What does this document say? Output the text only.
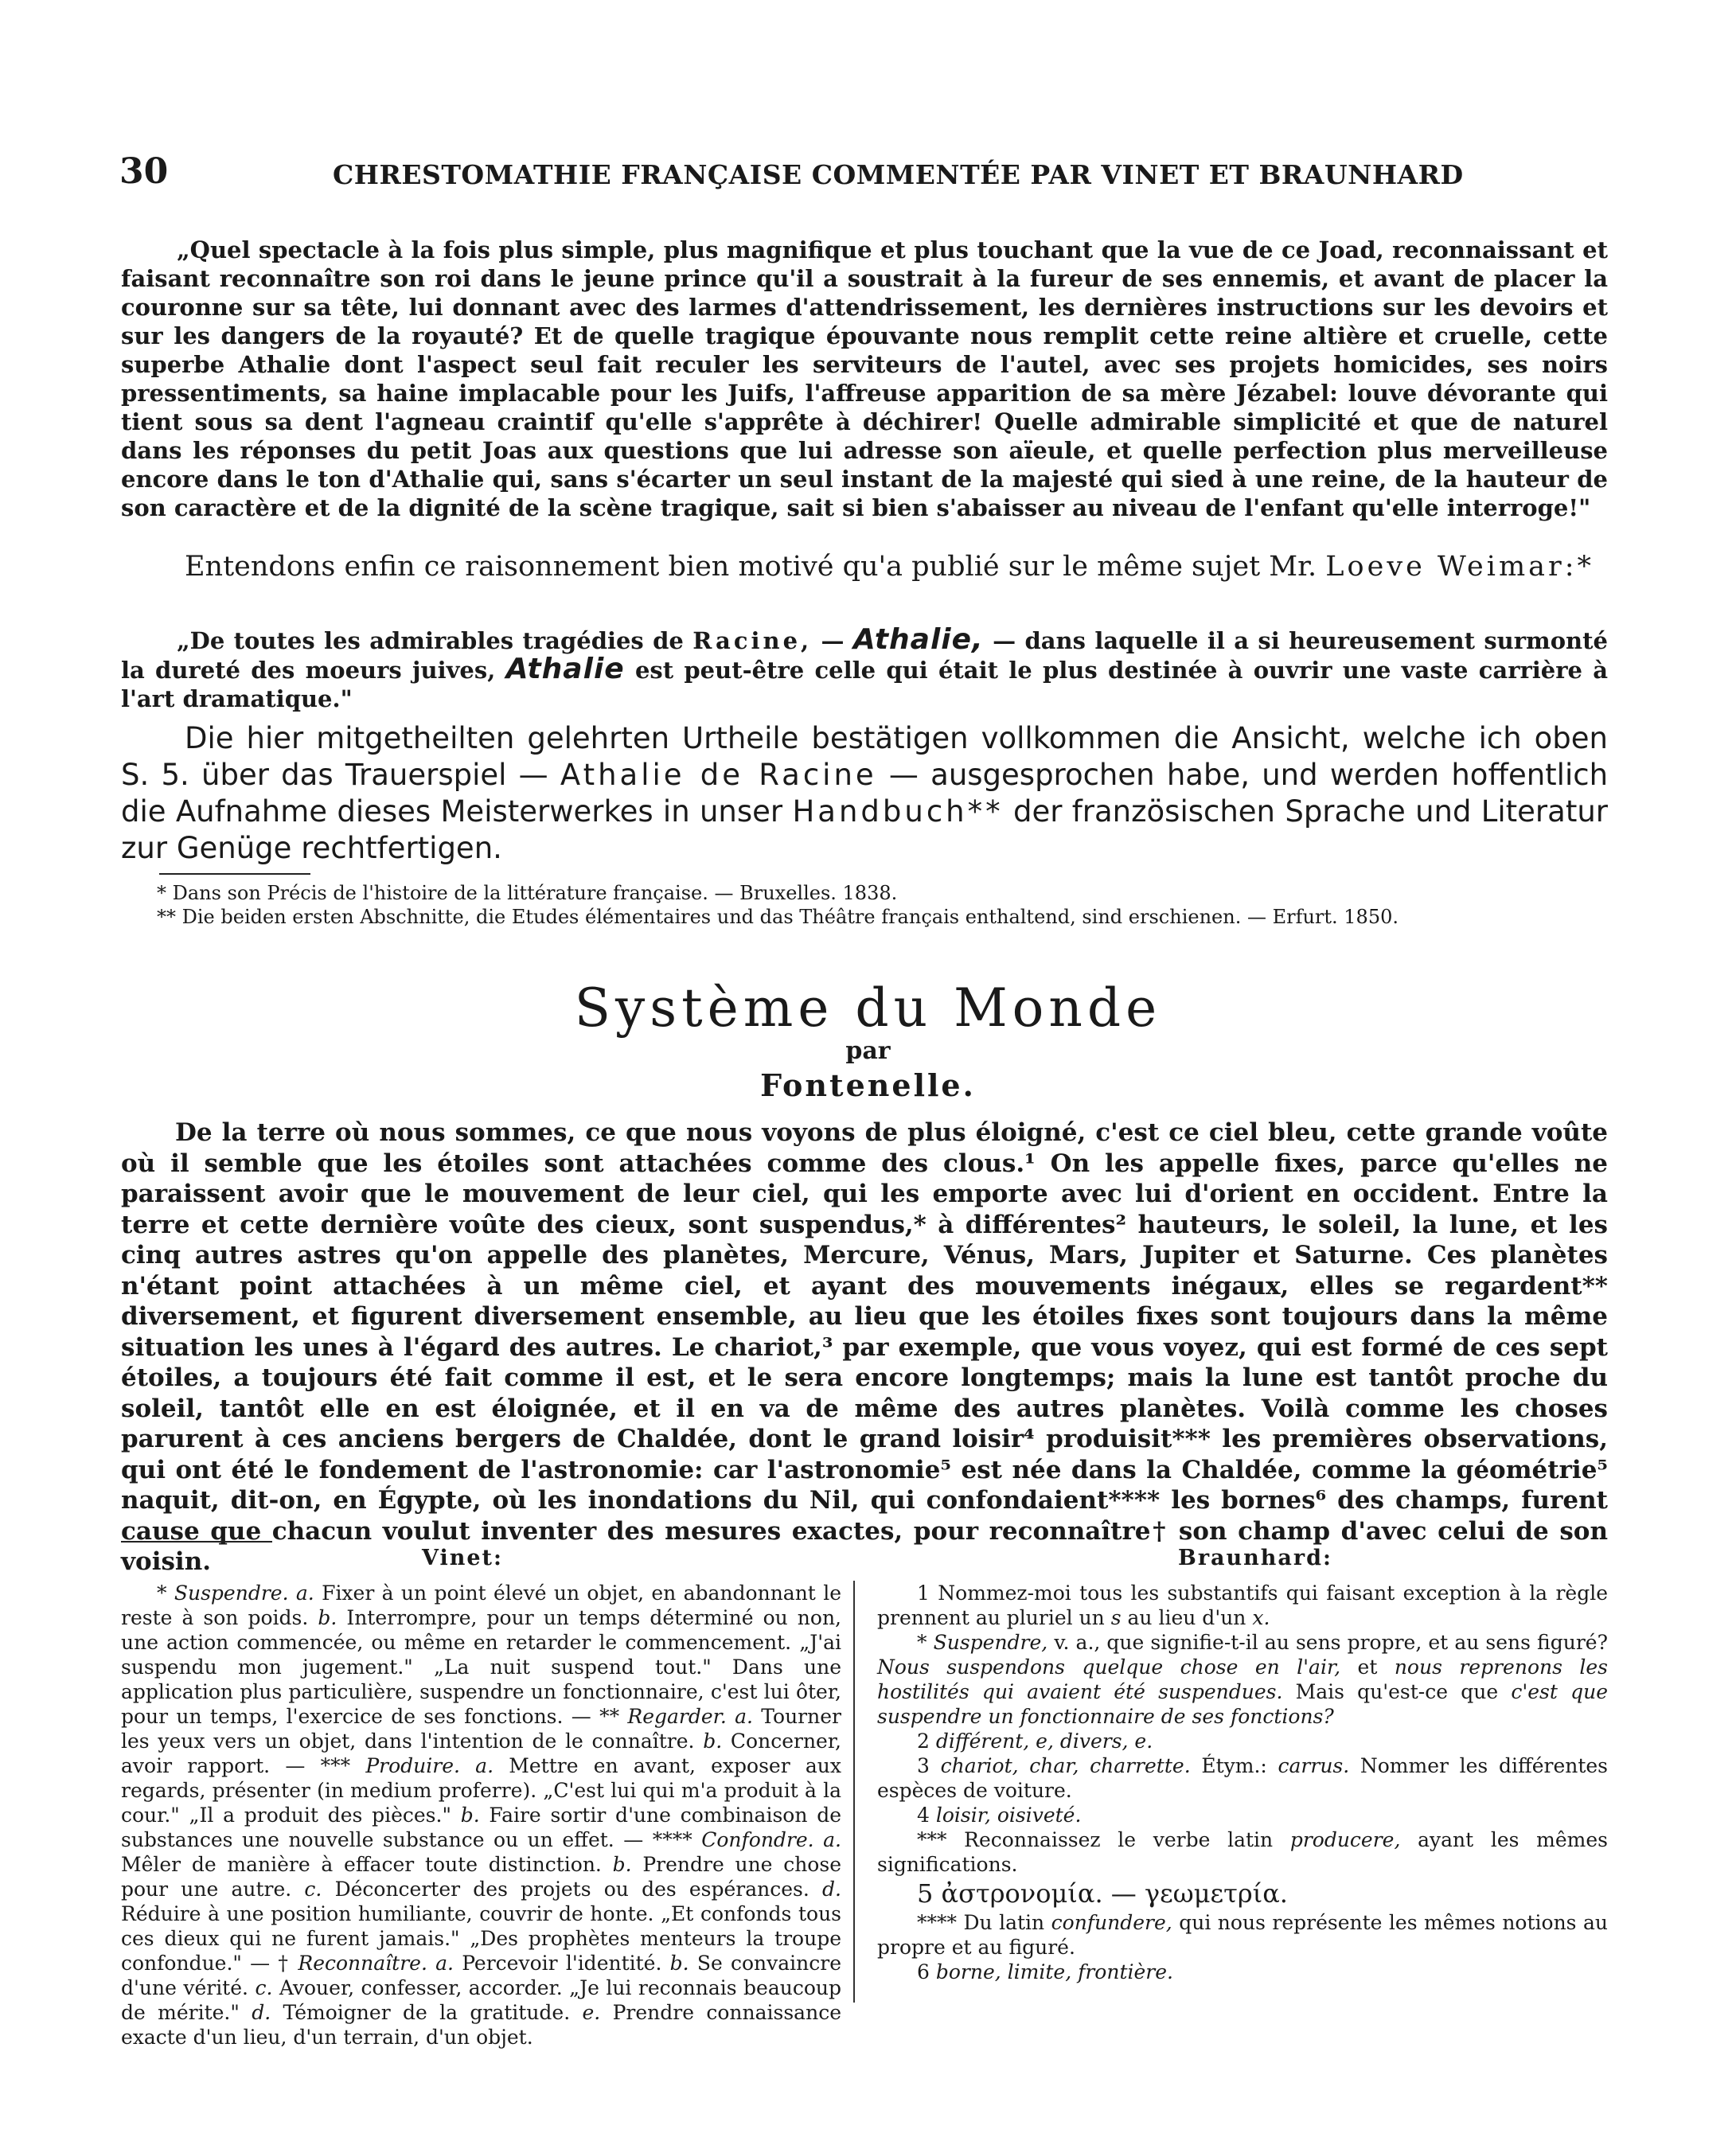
30	CHRESTOMATHIE FRANÇAISE COMMENTÉE PAR VINET ET BRAUNHARD
„Quel spectacle à la fois plus simple, plus magnifique et plus touchant que la vue de ce Joad, reconnaissant et faisant reconnaître son roi dans le jeune prince qu'il a soustrait à la fureur de ses ennemis, et avant de placer la couronne sur sa tête, lui donnant avec des larmes d'attendrissement, les dernières instructions sur les devoirs et sur les dangers de la royauté? Et de quelle tragique épouvante nous remplit cette reine altière et cruelle, cette superbe Athalie dont l'aspect seul fait reculer les serviteurs de l'autel, avec ses projets homicides, ses noirs pressentiments, sa haine implacable pour les Juifs, l'affreuse apparition de sa mère Jézabel: louve dévorante qui tient sous sa dent l'agneau craintif qu'elle s'apprête à déchirer! Quelle admirable simplicité et que de naturel dans les réponses du petit Joas aux questions que lui adresse son aïeule, et quelle perfection plus merveilleuse encore dans le ton d'Athalie qui, sans s'écarter un seul instant de la majesté qui sied à une reine, de la hauteur de son caractère et de la dignité de la scène tragique, sait si bien s'abaisser au niveau de l'enfant qu'elle interroge!"
Entendons enfin ce raisonnement bien motivé qu'a publié sur le même sujet Mr. Loeve Weimar:*
„De toutes les admirables tragédies de Racine, — Athalie, — dans laquelle il a si heureusement surmonté la dureté des moeurs juives, Athalie est peut-être celle qui était le plus destinée à ouvrir une vaste carrière à l'art dramatique."
Die hier mitgetheilten gelehrten Urtheile bestätigen vollkommen die Ansicht, welche ich oben S. 5. über das Trauerspiel — Athalie de Racine — ausgesprochen habe, und werden hoffentlich die Aufnahme dieses Meisterwerkes in unser Handbuch** der französischen Sprache und Literatur zur Genüge rechtfertigen.
* Dans son Précis de l'histoire de la littérature française. — Bruxelles. 1838.
** Die beiden ersten Abschnitte, die Etudes élémentaires und das Théâtre français enthaltend, sind erschienen. — Erfurt. 1850.
Système du Monde
par
Fontenelle.
De la terre où nous sommes, ce que nous voyons de plus éloigné, c'est ce ciel bleu, cette grande voûte où il semble que les étoiles sont attachées comme des clous.¹ On les appelle fixes, parce qu'elles ne paraissent avoir que le mouvement de leur ciel, qui les emporte avec lui d'orient en occident. Entre la terre et cette dernière voûte des cieux, sont suspendus,* à différentes² hauteurs, le soleil, la lune, et les cinq autres astres qu'on appelle des planètes, Mercure, Vénus, Mars, Jupiter et Saturne. Ces planètes n'étant point attachées à un même ciel, et ayant des mouvements inégaux, elles se regardent** diversement, et figurent diversement ensemble, au lieu que les étoiles fixes sont toujours dans la même situation les unes à l'égard des autres. Le chariot,³ par exemple, que vous voyez, qui est formé de ces sept étoiles, a toujours été fait comme il est, et le sera encore longtemps; mais la lune est tantôt proche du soleil, tantôt elle en est éloignée, et il en va de même des autres planètes. Voilà comme les choses parurent à ces anciens bergers de Chaldée, dont le grand loisir⁴ produisit*** les premières observations, qui ont été le fondement de l'astronomie: car l'astronomie⁵ est née dans la Chaldée, comme la géométrie⁵ naquit, dit-on, en Égypte, où les inondations du Nil, qui confondaient**** les bornes⁶ des champs, furent cause que chacun voulut inventer des mesures exactes, pour reconnaître† son champ d'avec celui de son voisin.	Vinet:	Braunhard:
* Suspendre. a. Fixer à un point élevé un objet, en abandonnant le reste à son poids. b. Interrompre, pour un temps déterminé ou non, une action commencée, ou même en retarder le commencement. „J'ai suspendu mon jugement." „La nuit suspend tout." Dans une application plus particulière, suspendre un fonctionnaire, c'est lui ôter, pour un temps, l'exercice de ses fonctions. — ** Regarder. a. Tourner les yeux vers un objet, dans l'intention de le connaître. b. Concerner, avoir rapport. — *** Produire. a. Mettre en avant, exposer aux regards, présenter (in medium proferre). „C'est lui qui m'a produit à la cour." „Il a produit des pièces." b. Faire sortir d'une combinaison de substances une nouvelle substance ou un effet. — **** Confondre. a. Mêler de manière à effacer toute distinction. b. Prendre une chose pour une autre. c. Déconcerter des projets ou des espérances. d. Réduire à une position humiliante, couvrir de honte. „Et confonds tous ces dieux qui ne furent jamais." „Des prophètes menteurs la troupe confondue." — † Reconnaître. a. Percevoir l'identité. b. Se convaincre d'une vérité. c. Avouer, confesser, accorder. „Je lui reconnais beaucoup de mérite." d. Témoigner de la gratitude. e. Prendre connaissance exacte d'un lieu, d'un terrain, d'un objet.
1 Nommez-moi tous les substantifs qui faisant exception à la règle prennent au pluriel un s au lieu d'un x.
* Suspendre, v. a., que signifie-t-il au sens propre, et au sens figuré? Nous suspendons quelque chose en l'air, et nous reprenons les hostilités qui avaient été suspendues. Mais qu'est-ce que c'est que suspendre un fonctionnaire de ses fonctions?
2 différent, e, divers, e.
3 chariot, char, charrette. Étym.: carrus. Nommer les différentes espèces de voiture.
4 loisir, oisiveté.
*** Reconnaissez le verbe latin producere, ayant les mêmes significations.
5 ἀστρονομία. — γεωμετρία.
**** Du latin confundere, qui nous représente les mêmes notions au propre et au figuré.
6 borne, limite, frontière.
